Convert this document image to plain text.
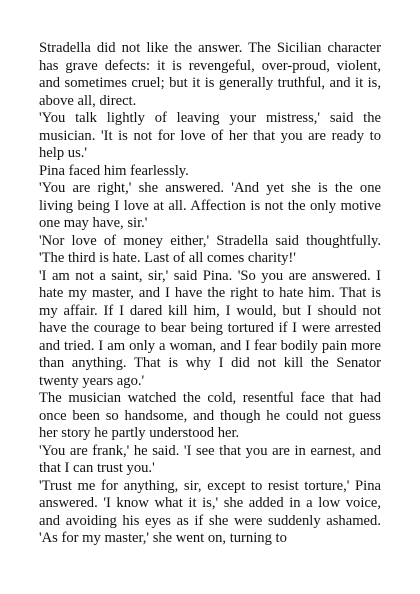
Stradella did not like the answer. The Sicilian character has grave defects: it is revengeful, over-proud, violent, and sometimes cruel; but it is generally truthful, and it is, above all, direct.

'You talk lightly of leaving your mistress,' said the musician. 'It is not for love of her that you are ready to help us.'

Pina faced him fearlessly.

'You are right,' she answered. 'And yet she is the one living being I love at all. Affection is not the only motive one may have, sir.'

'Nor love of money either,' Stradella said thoughtfully. 'The third is hate. Last of all comes charity!'

'I am not a saint, sir,' said Pina. 'So you are answered. I hate my master, and I have the right to hate him. That is my affair. If I dared kill him, I would, but I should not have the courage to bear being tortured if I were arrested and tried. I am only a woman, and I fear bodily pain more than anything. That is why I did not kill the Senator twenty years ago.'

The musician watched the cold, resentful face that had once been so handsome, and though he could not guess her story he partly understood her.

'You are frank,' he said. 'I see that you are in earnest, and that I can trust you.'

'Trust me for anything, sir, except to resist torture,' Pina answered. 'I know what it is,' she added in a low voice, and avoiding his eyes as if she were suddenly ashamed. 'As for my master,' she went on, turning to
